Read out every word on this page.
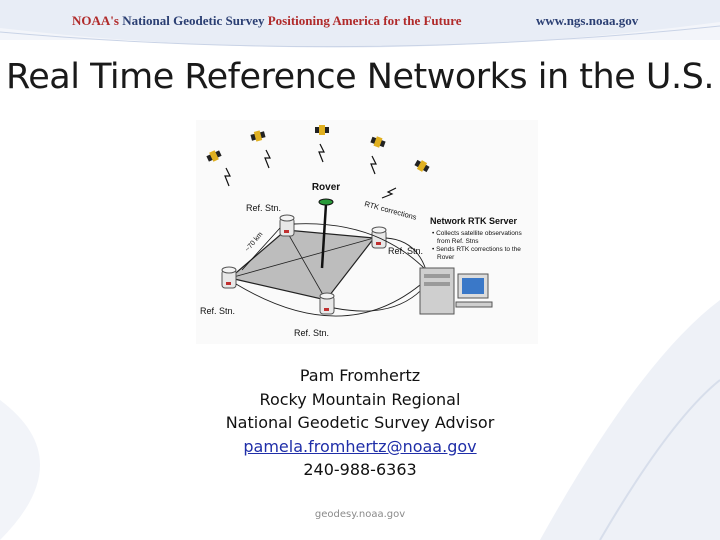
NOAA's National Geodetic Survey Positioning America for the Future	www.ngs.noaa.gov
Real Time Reference Networks in the U.S.
Rover
RTK corrections
~70 km
Ref. Stn.
Ref. Stn.
Ref. Stn.
Ref. Stn.
Network RTK Server
• Collects satellite observations
from Ref. Stns
• Sends RTK corrections to the
Rover
Pam Fromhertz
Rocky Mountain Regional
National Geodetic Survey Advisor
pamela.fromhertz@noaa.gov
240-988-6363
geodesy.noaa.gov
